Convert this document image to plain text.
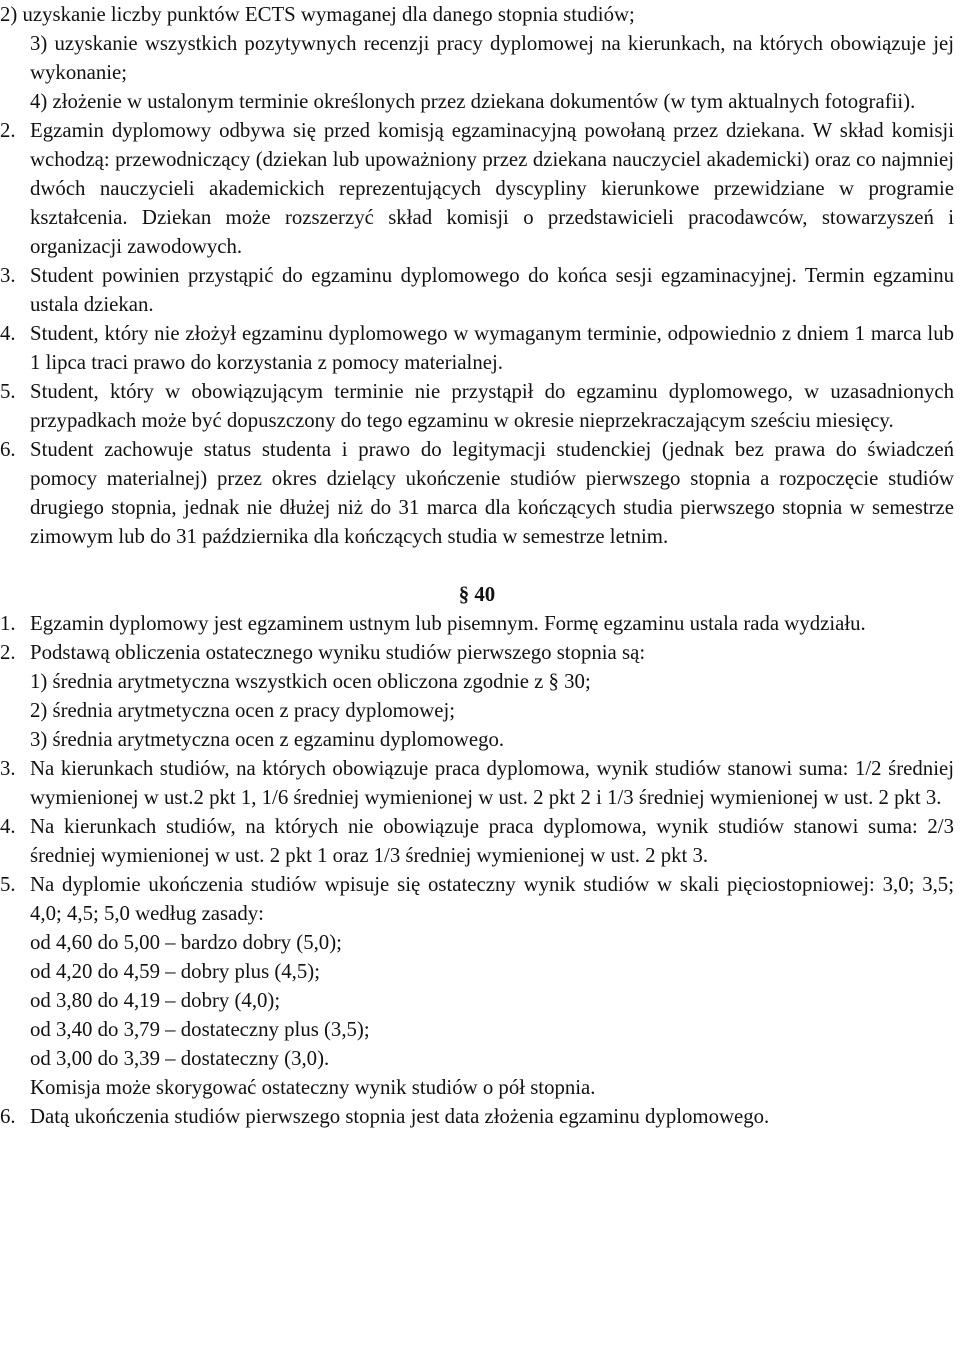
2) uzyskanie liczby punktów ECTS wymaganej dla danego stopnia studiów;
3) uzyskanie wszystkich pozytywnych recenzji pracy dyplomowej na kierunkach, na których obowiązuje jej wykonanie;
4) złożenie w ustalonym terminie określonych przez dziekana dokumentów (w tym aktualnych fotografii).
2. Egzamin dyplomowy odbywa się przed komisją egzaminacyjną powołaną przez dziekana. W skład komisji wchodzą: przewodniczący (dziekan lub upoważniony przez dziekana nauczyciel akademicki) oraz co najmniej dwóch nauczycieli akademickich reprezentujących dyscypliny kierunkowe przewidziane w programie kształcenia. Dziekan może rozszerzyć skład komisji o przedstawicieli pracodawców, stowarzyszeń i organizacji zawodowych.
3. Student powinien przystąpić do egzaminu dyplomowego do końca sesji egzaminacyjnej. Termin egzaminu ustala dziekan.
4. Student, który nie złożył egzaminu dyplomowego w wymaganym terminie, odpowiednio z dniem 1 marca lub 1 lipca traci prawo do korzystania z pomocy materialnej.
5. Student, który w obowiązującym terminie nie przystąpił do egzaminu dyplomowego, w uzasadnionych przypadkach może być dopuszczony do tego egzaminu w okresie nieprzekraczającym sześciu miesięcy.
6. Student zachowuje status studenta i prawo do legitymacji studenckiej (jednak bez prawa do świadczeń pomocy materialnej) przez okres dzielący ukończenie studiów pierwszego stopnia a rozpoczęcie studiów drugiego stopnia, jednak nie dłużej niż do 31 marca dla kończących studia pierwszego stopnia w semestrze zimowym lub do 31 października dla kończących studia w semestrze letnim.
§ 40
1. Egzamin dyplomowy jest egzaminem ustnym lub pisemnym. Formę egzaminu ustala rada wydziału.
2. Podstawą obliczenia ostatecznego wyniku studiów pierwszego stopnia są:
1) średnia arytmetyczna wszystkich ocen obliczona zgodnie z § 30;
2) średnia arytmetyczna ocen z pracy dyplomowej;
3) średnia arytmetyczna ocen z egzaminu dyplomowego.
3. Na kierunkach studiów, na których obowiązuje praca dyplomowa, wynik studiów stanowi suma: 1/2 średniej wymienionej w ust.2 pkt 1, 1/6 średniej wymienionej w ust. 2 pkt 2 i 1/3 średniej wymienionej w ust. 2 pkt 3.
4. Na kierunkach studiów, na których nie obowiązuje praca dyplomowa, wynik studiów stanowi suma: 2/3 średniej wymienionej w ust. 2 pkt 1 oraz 1/3 średniej wymienionej w ust. 2 pkt 3.
5. Na dyplomie ukończenia studiów wpisuje się ostateczny wynik studiów w skali pięciostopniowej: 3,0; 3,5; 4,0; 4,5; 5,0 według zasady:
od 4,60 do 5,00 – bardzo dobry (5,0);
od 4,20 do 4,59 – dobry plus (4,5);
od 3,80 do 4,19 – dobry (4,0);
od 3,40 do 3,79 – dostateczny plus (3,5);
od 3,00 do 3,39 – dostateczny (3,0).
Komisja może skorygować ostateczny wynik studiów o pół stopnia.
6. Datą ukończenia studiów pierwszego stopnia jest data złożenia egzaminu dyplomowego.
